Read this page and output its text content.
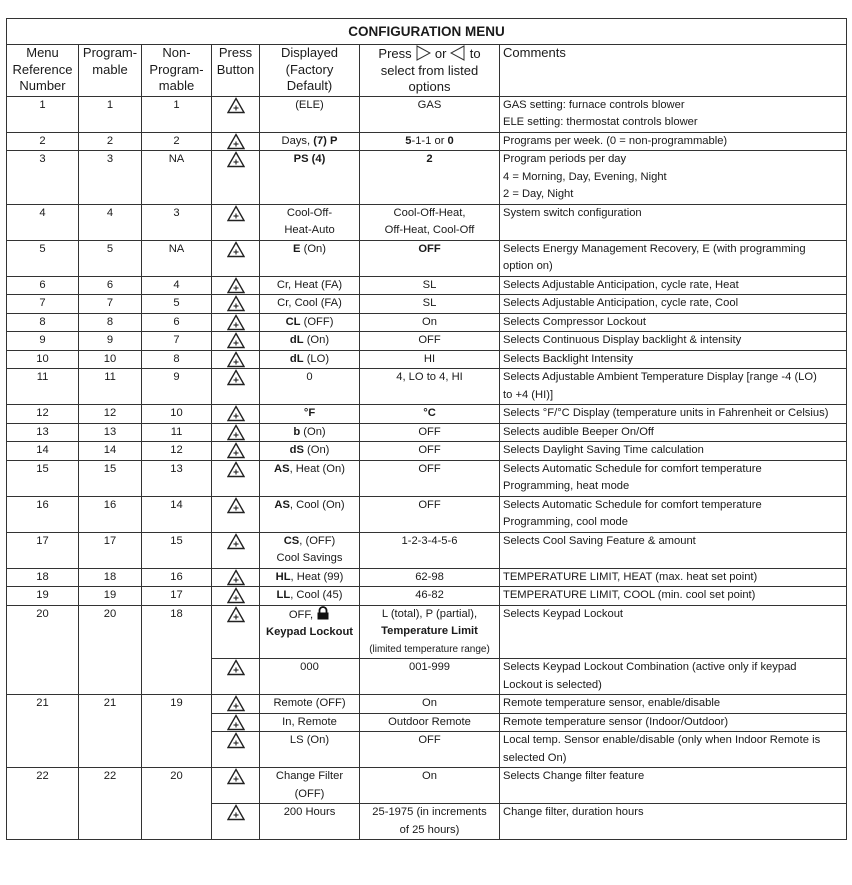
CONFIGURATION MENU						
Menu
Reference
Number	Program-
mable	Non-
Program-
mable	Press
Button	Displayed
(Factory
Default)	Press or to
select from listed
options	Comments
1	1	1		(ELE)	GAS	GAS setting: furnace controls blower
ELE setting: thermostat controls blower
2	2	2		Days, (7) P	5-1-1 or 0	Programs per week. (0 = non-programmable)
3	3	NA		PS (4)	2	Program periods per day
4 = Morning, Day, Evening, Night
2 = Day, Night
4	4	3		Cool-Off-
Heat-Auto	Cool-Off-Heat,
Off-Heat, Cool-Off	System switch configuration
5	5	NA		E (On)	OFF	Selects Energy Management Recovery, E (with programming
option on)
6	6	4		Cr, Heat (FA)	SL	Selects Adjustable Anticipation, cycle rate, Heat
7	7	5		Cr, Cool (FA)	SL	Selects Adjustable Anticipation, cycle rate, Cool
8	8	6		CL (OFF)	On	Selects Compressor Lockout
9	9	7		dL (On)	OFF	Selects Continuous Display backlight & intensity
10	10	8		dL (LO)	HI	Selects Backlight Intensity
11	11	9		0	4, LO to 4, HI	Selects Adjustable Ambient Temperature Display [range -4 (LO)
to +4 (HI)]
12	12	10		°F	°C	Selects °F/°C Display (temperature units in Fahrenheit or Celsius)
13	13	11		b (On)	OFF	Selects audible Beeper On/Off
14	14	12		dS (On)	OFF	Selects Daylight Saving Time calculation
15	15	13		AS, Heat (On)	OFF	Selects Automatic Schedule for comfort temperature
Programming, heat mode
16	16	14		AS, Cool (On)	OFF	Selects Automatic Schedule for comfort temperature
Programming, cool mode
17	17	15		CS, (OFF)
Cool Savings	1-2-3-4-5-6	Selects Cool Saving Feature & amount
18	18	16		HL, Heat (99)	62-98	TEMPERATURE LIMIT, HEAT (max. heat set point)
19	19	17		LL, Cool (45)	46-82	TEMPERATURE LIMIT, COOL (min. cool set point)
20	20	18		OFF,
Keypad Lockout	L (total), P (partial),
Temperature Limit
(limited temperature range)	Selects Keypad Lockout
	000	001-999	Selects Keypad Lockout Combination (active only if keypad
Lockout is selected)
21	21	19		Remote (OFF)	On	Remote temperature sensor, enable/disable
	In, Remote	Outdoor Remote	Remote temperature sensor (Indoor/Outdoor)
	LS (On)	OFF	Local temp. Sensor enable/disable (only when Indoor Remote is
selected On)
22	22	20		Change Filter
(OFF)	On	Selects Change filter feature
	200 Hours	25-1975 (in increments
of 25 hours)	Change filter, duration hours
